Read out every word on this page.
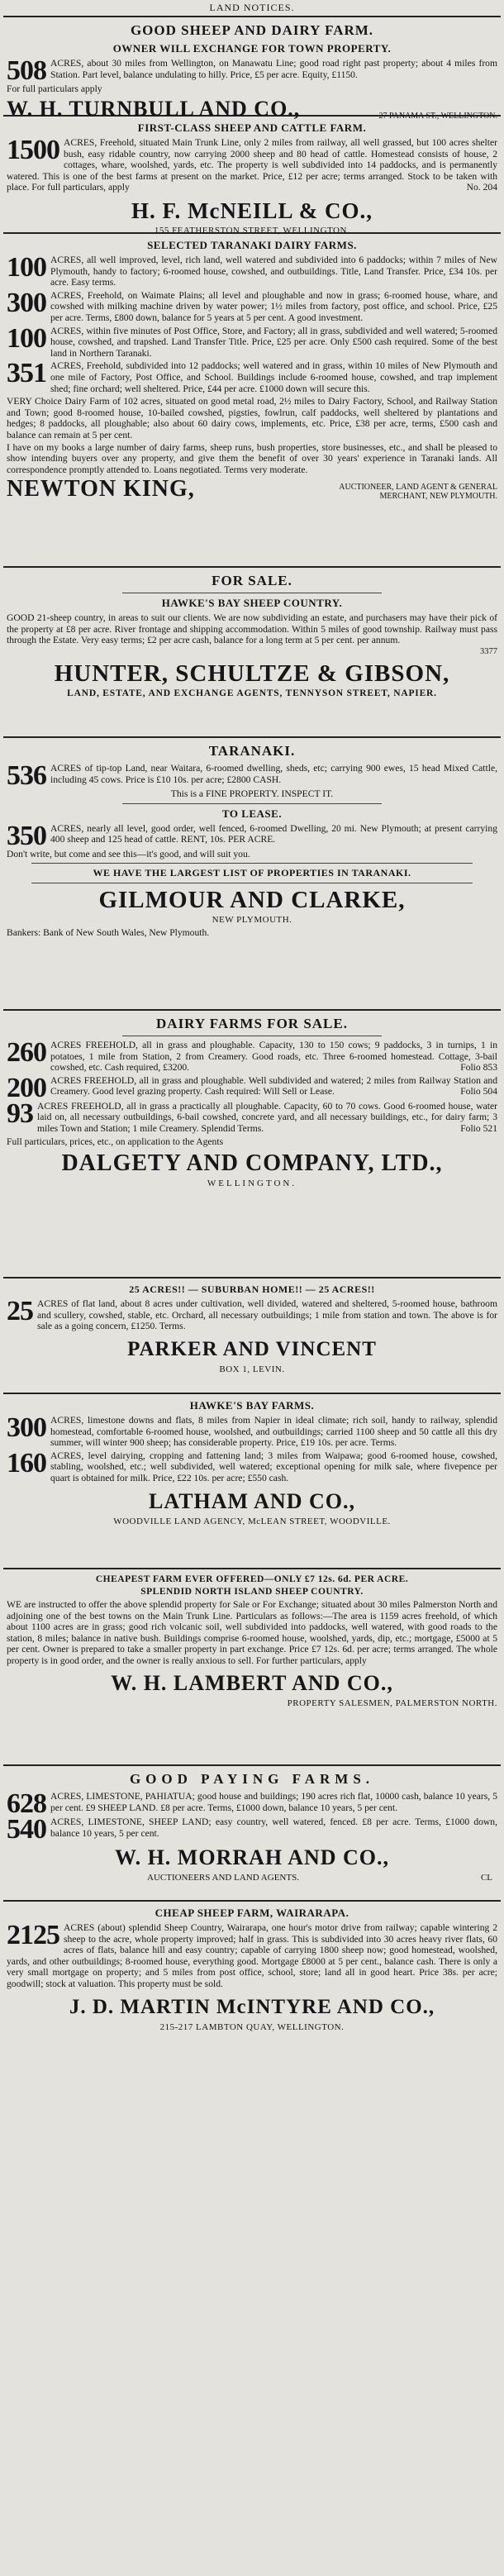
LAND NOTICES.
GOOD SHEEP AND DAIRY FARM.
OWNER WILL EXCHANGE FOR TOWN PROPERTY.
508 ACRES, about 30 miles from Wellington, on Manawatu Line; good road right past property; about 4 miles from Station. Part level, balance undulating to hilly. Price, £5 per acre. Equity, £1150.
For full particulars apply
W. H. TURNBULL AND CO.,	27 PANAMA ST., WELLINGTON.
FIRST-CLASS SHEEP AND CATTLE FARM.
1500 ACRES, Freehold, situated Main Trunk Line, only 2 miles from railway, all well grassed, but 100 acres shelter bush, easy ridable country, now carrying 2000 sheep and 80 head of cattle. Homestead consists of house, 2 cottages, whare, woolshed, yards, etc. The property is well subdivided into 14 paddocks, and is permanently watered. This is one of the best farms at present on the market. Price, £12 per acre; terms arranged. Stock to be taken with place. For full particulars, apply	No. 204
H. F. McNEILL & CO.,
155 FEATHERSTON STREET, WELLINGTON.
SELECTED TARANAKI DAIRY FARMS.
100 ACRES, all well improved, level, rich land, well watered and subdivided into 6 paddocks; within 7 miles of New Plymouth, handy to factory; 6-roomed house, cowshed, and outbuildings. Title, Land Transfer. Price, £34 10s. per acre. Easy terms.
300 ACRES, Freehold, on Waimate Plains; all level and ploughable and now in grass; 6-roomed house, whare, and cowshed with milking machine driven by water power; 1½ miles from factory, post office, and school. Price, £25 per acre. Terms, £800 down, balance for 5 years at 5 per cent. A good investment.
100 ACRES, within five minutes of Post Office, Store, and Factory; all in grass, subdivided and well watered; 5-roomed house, cowshed, and trapshed. Land Transfer Title. Price, £25 per acre. Only £500 cash required. Some of the best land in Northern Taranaki.
351 ACRES, Freehold, subdivided into 12 paddocks; well watered and in grass, within 10 miles of New Plymouth and one mile of Factory, Post Office, and School. Buildings include 6-roomed house, cowshed, and trap implement shed; fine orchard; well sheltered. Price, £44 per acre. £1000 down will secure this.
VERY Choice Dairy Farm of 102 acres, situated on good metal road, 2½ miles to Dairy Factory, School, and Railway Station and Town; good 8-roomed house, 10-bailed cowshed, pigsties, fowlrun, calf paddocks, well sheltered by plantations and hedges; 8 paddocks, all ploughable; also about 60 dairy cows, implements, etc. Price, £38 per acre, terms, £500 cash and balance can remain at 5 per cent.
I have on my books a large number of dairy farms, sheep runs, bush properties, store businesses, etc., and shall be pleased to show intending buyers over any property, and give them the benefit of over 30 years' experience in Taranaki lands. All correspondence promptly attended to. Loans negotiated. Terms very moderate.
NEWTON KING,	AUCTIONEER, LAND AGENT & GENERAL MERCHANT, NEW PLYMOUTH.
FOR SALE.
HAWKE'S BAY SHEEP COUNTRY.
GOOD 21-sheep country, in areas to suit our clients. We are now subdividing an estate, and purchasers may have their pick of the property at £8 per acre. River frontage and shipping accommodation. Within 5 miles of good township. Railway must pass through the Estate. Very easy terms; £2 per acre cash, balance for a long term at 5 per cent. per annum.
3377
HUNTER, SCHULTZE & GIBSON,
LAND, ESTATE, AND EXCHANGE AGENTS, TENNYSON STREET, NAPIER.
TARANAKI.
536 ACRES of tip-top Land, near Waitara, 6-roomed dwelling, sheds, etc; carrying 900 ewes, 15 head Mixed Cattle, including 45 cows. Price is £10 10s. per acre; £2800 CASH.
This is a FINE PROPERTY. INSPECT IT.
TO LEASE.
350 ACRES, nearly all level, good order, well fenced, 6-roomed Dwelling, 20 mi. New Plymouth; at present carrying 400 sheep and 125 head of cattle. RENT, 10s. PER ACRE.
Don't write, but come and see this—it's good, and will suit you.
WE HAVE THE LARGEST LIST OF PROPERTIES IN TARANAKI.
GILMOUR AND CLARKE,
NEW PLYMOUTH.
Bankers: Bank of New South Wales, New Plymouth.
DAIRY FARMS FOR SALE.
260 ACRES FREEHOLD, all in grass and ploughable. Capacity, 130 to 150 cows; 9 paddocks, 3 in turnips, 1 in potatoes, 1 mile from Station, 2 from Creamery. Good roads, etc. Three 6-roomed homestead. Cottage, 3-bail cowshed, etc. Cash required, £3200.	Folio 853
200 ACRES FREEHOLD, all in grass and ploughable. Well subdivided and watered; 2 miles from Railway Station and Creamery. Good level grazing property. Cash required: Will Sell or Lease.	Folio 504
93 ACRES FREEHOLD, all in grass a practically all ploughable. Capacity, 60 to 70 cows. Good 6-roomed house, water laid on, all necessary outbuildings, 6-bail cowshed, concrete yard, and all necessary buildings, etc., for dairy farm; 3 miles Town and Station; 1 mile Creamery. Splendid Terms.	Folio 521
Full particulars, prices, etc., on application to the Agents
DALGETY AND COMPANY, LTD.,
WELLINGTON.
25 ACRES!! — SUBURBAN HOME!! — 25 ACRES!!
25 ACRES of flat land, about 8 acres under cultivation, well divided, watered and sheltered, 5-roomed house, bathroom and scullery, cowshed, stable, etc. Orchard, all necessary outbuildings; 1 mile from station and town. The above is for sale as a going concern, £1250. Terms.
PARKER AND VINCENT
BOX 1, LEVIN.
HAWKE'S BAY FARMS.
300 ACRES, limestone downs and flats, 8 miles from Napier in ideal climate; rich soil, handy to railway, splendid homestead, comfortable 6-roomed house, woolshed, and outbuildings; carried 1100 sheep and 50 cattle all this dry summer, will winter 900 sheep; has considerable property. Price, £19 10s. per acre. Terms.
160 ACRES, level dairying, cropping and fattening land; 3 miles from Waipawa; good 6-roomed house, cowshed, stabling, woolshed, etc.; well subdivided, well watered; exceptional opening for milk sale, where fivepence per quart is obtained for milk. Price, £22 10s. per acre; £550 cash.
LATHAM AND CO.,
WOODVILLE LAND AGENCY, McLEAN STREET, WOODVILLE.
CHEAPEST FARM EVER OFFERED—ONLY £7 12s. 6d. PER ACRE.
SPLENDID NORTH ISLAND SHEEP COUNTRY.
WE are instructed to offer the above splendid property for Sale or For Exchange; situated about 30 miles Palmerston North and adjoining one of the best towns on the Main Trunk Line. Particulars as follows:—The area is 1159 acres freehold, of which about 1100 acres are in grass; good rich volcanic soil, well subdivided into paddocks, well watered, with good roads to the station, 8 miles; balance in native bush. Buildings comprise 6-roomed house, woolshed, yards, dip, etc.; mortgage, £5000 at 5 per cent. Owner is prepared to take a smaller property in part exchange. Price £7 12s. 6d. per acre; terms arranged. The whole property is in good order, and the owner is really anxious to sell. For further particulars, apply
W. H. LAMBERT AND CO.,
PROPERTY SALESMEN, PALMERSTON NORTH.
GOOD PAYING FARMS.
628 ACRES, LIMESTONE, PAHIATUA; good house and buildings; 190 acres rich flat, 10000 cash, balance 10 years, 5 per cent. £9 SHEEP LAND. £8 per acre. Terms, £1000 down, balance 10 years, 5 per cent.
540 ACRES, LIMESTONE, SHEEP LAND; easy country, well watered, fenced. £8 per acre. Terms, £1000 down, balance 10 years, 5 per cent.
W. H. MORRAH AND CO.,
AUCTIONEERS AND LAND AGENTS.	CL
CHEAP SHEEP FARM, WAIRARAPA.
2125 ACRES (about) splendid Sheep Country, Wairarapa, one hour's motor drive from railway; capable wintering 2 sheep to the acre, whole property improved; half in grass. This is subdivided into 30 acres heavy river flats, 60 acres of flats, balance hill and easy country; capable of carrying 1800 sheep now; good homestead, woolshed, yards, and other outbuildings; 8-roomed house, everything good. Mortgage £8000 at 5 per cent., balance cash. There is only a very small mortgage on property; and 5 miles from post office, school, store; land all in good heart. Price 38s. per acre; goodwill; stock at valuation. This property must be sold.
J. D. MARTIN McINTYRE AND CO.,
215-217 LAMBTON QUAY, WELLINGTON.
